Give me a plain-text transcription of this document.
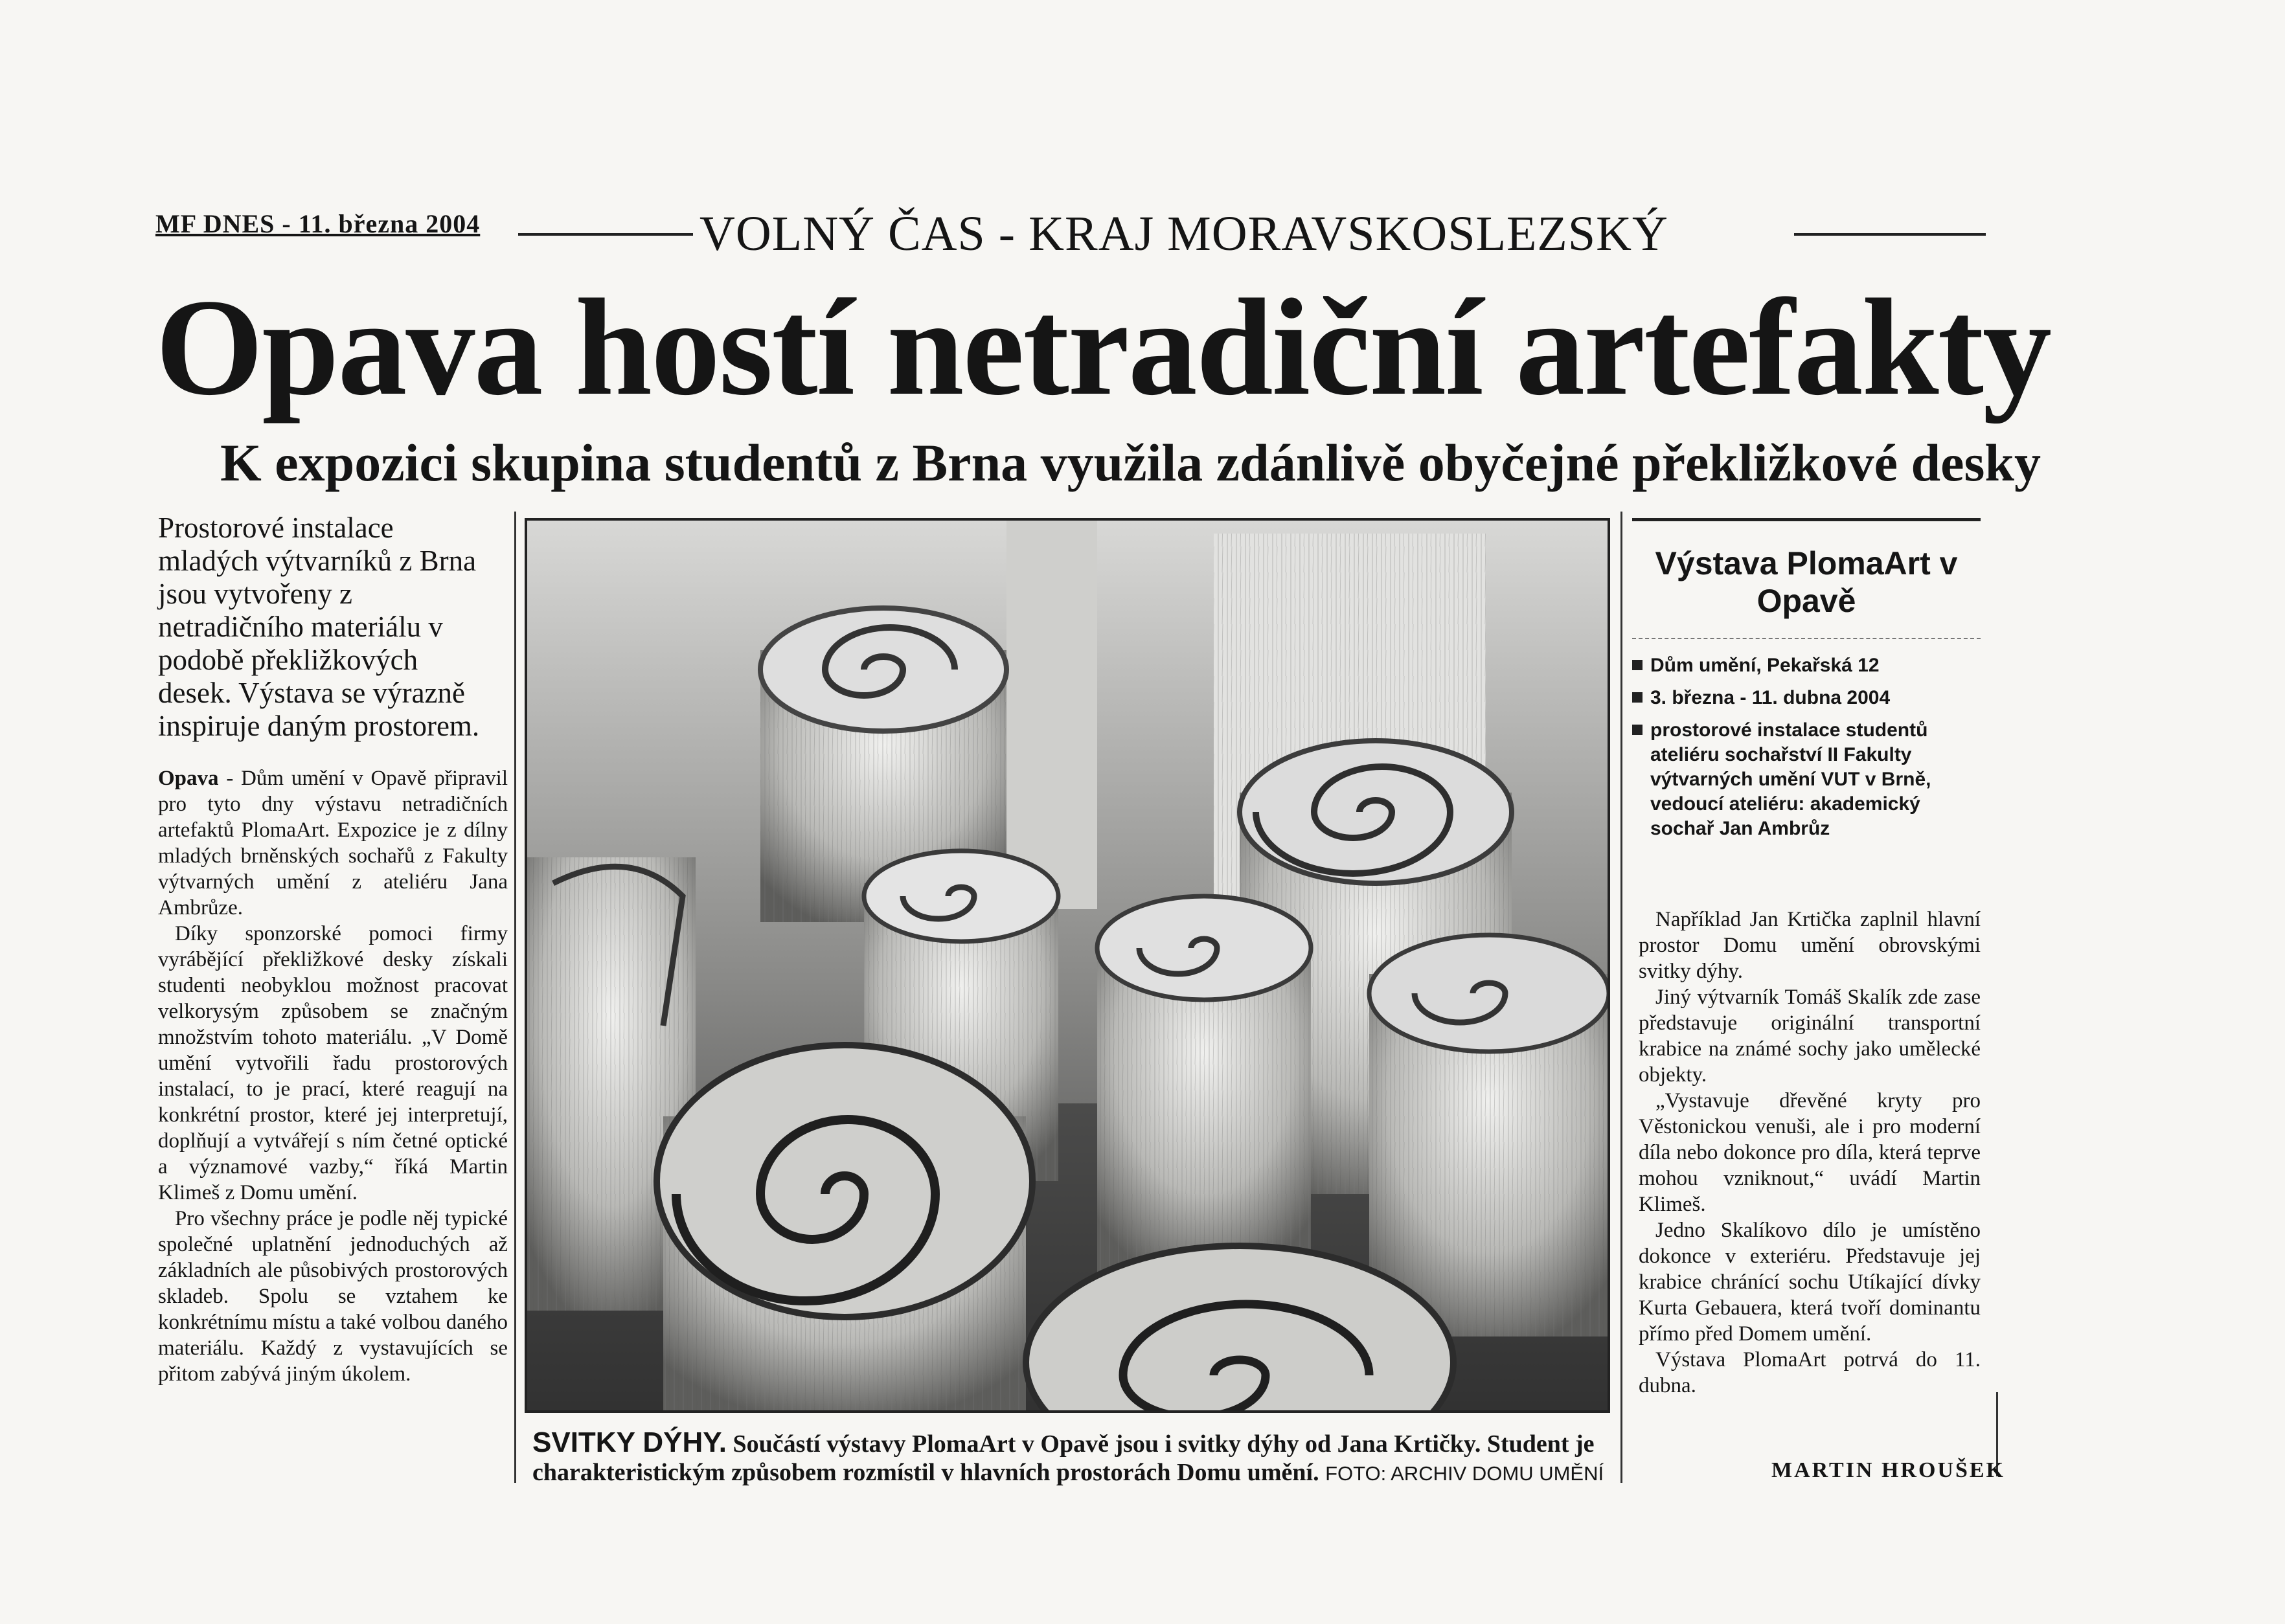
MF DNES - 11. března 2004	VOLNÝ ČAS - KRAJ MORAVSKOSLEZSKÝ
Opava hostí netradiční artefakty
K expozici skupina studentů z Brna využila zdánlivě obyčejné překližkové desky

Prostorové instalace mladých výtvarníků z Brna jsou vytvořeny z netradičního materiálu v podobě překližkových desek. Výstava se výrazně inspiruje daným prostorem.

Opava - Dům umění v Opavě připravil pro tyto dny výstavu netradičních artefaktů PlomaArt. Expozice je z dílny mladých brněnských sochařů z Fakulty výtvarných umění z ateliéru Jana Ambrůze.

Díky sponzorské pomoci firmy vyrábějící překližkové desky získali studenti neobyklou možnost pracovat velkorysým způsobem se značným množstvím tohoto materiálu. „V Domě umění vytvořili řadu prostorových instalací, to je prací, které reagují na konkrétní prostor, které jej interpretují, doplňují a vytvářejí s ním četné optické a významové vazby,“ říká Martin Klimeš z Domu umění.

Pro všechny práce je podle něj typické společné uplatnění jednoduchých až základních ale působivých prostorových skladeb. Spolu se vztahem ke konkrétnímu místu a také volbou daného materiálu. Každý z vystavujících se přitom zabývá jiným úkolem.

SVITKY DÝHY. Součástí výstavy PlomaArt v Opavě jsou i svitky dýhy od Jana Krtičky. Student je charakteristickým způsobem rozmístil v hlavních prostorách Domu umění. FOTO: ARCHIV DOMU UMĚNÍ
Výstava PlomaArt v Opavě
Dům umění, Pekařská 12
3. března - 11. dubna 2004
prostorové instalace studentů ateliéru sochařství II Fakulty výtvarných umění VUT v Brně, vedoucí ateliéru: akademický sochař Jan Ambrůz

Například Jan Krtička zaplnil hlavní prostor Domu umění obrovskými svitky dýhy.

Jiný výtvarník Tomáš Skalík zde zase představuje originální transportní krabice na známé sochy jako umělecké objekty.

„Vystavuje dřevěné kryty pro Věstonickou venuši, ale i pro moderní díla nebo dokonce pro díla, která teprve mohou vzniknout,“ uvádí Martin Klimeš.

Jedno Skalíkovo dílo je umístěno dokonce v exteriéru. Představuje jej krabice chránící sochu Utíkající dívky Kurta Gebauera, která tvoří dominantu přímo před Domem umění.

Výstava PlomaArt potrvá do 11. dubna.

MARTIN HROUŠEK
